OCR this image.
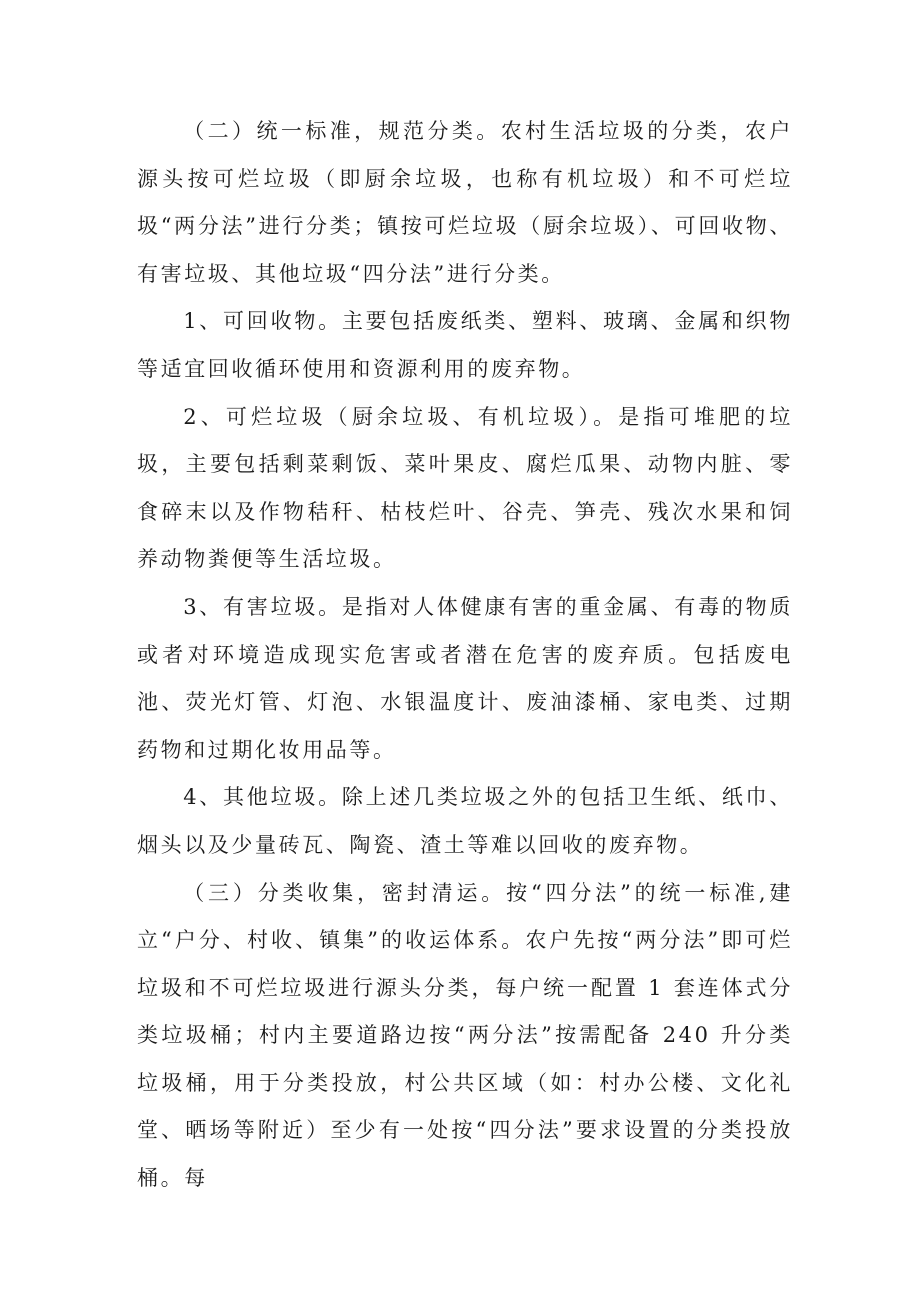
（二）统一标准，规范分类。农村生活垃圾的分类，农户源头按可烂垃圾（即厨余垃圾，也称有机垃圾）和不可烂垃圾“两分法”进行分类；镇按可烂垃圾（厨余垃圾）、可回收物、有害垃圾、其他垃圾“四分法”进行分类。

1、可回收物。主要包括废纸类、塑料、玻璃、金属和织物等适宜回收循环使用和资源利用的废弃物。

2、可烂垃圾（厨余垃圾、有机垃圾）。是指可堆肥的垃圾，主要包括剩菜剩饭、菜叶果皮、腐烂瓜果、动物内脏、零食碎末以及作物秸秆、枯枝烂叶、谷壳、笋壳、残次水果和饲养动物粪便等生活垃圾。

3、有害垃圾。是指对人体健康有害的重金属、有毒的物质或者对环境造成现实危害或者潜在危害的废弃质。包括废电池、荧光灯管、灯泡、水银温度计、废油漆桶、家电类、过期药物和过期化妆用品等。

4、其他垃圾。除上述几类垃圾之外的包括卫生纸、纸巾、烟头以及少量砖瓦、陶瓷、渣土等难以回收的废弃物。

（三）分类收集，密封清运。按“四分法”的统一标准,建立“户分、村收、镇集”的收运体系。农户先按“两分法”即可烂垃圾和不可烂垃圾进行源头分类，每户统一配置 1 套连体式分类垃圾桶；村内主要道路边按“两分法”按需配备 240 升分类垃圾桶，用于分类投放，村公共区域（如：村办公楼、文化礼堂、晒场等附近）至少有一处按“四分法”要求设置的分类投放桶。每
